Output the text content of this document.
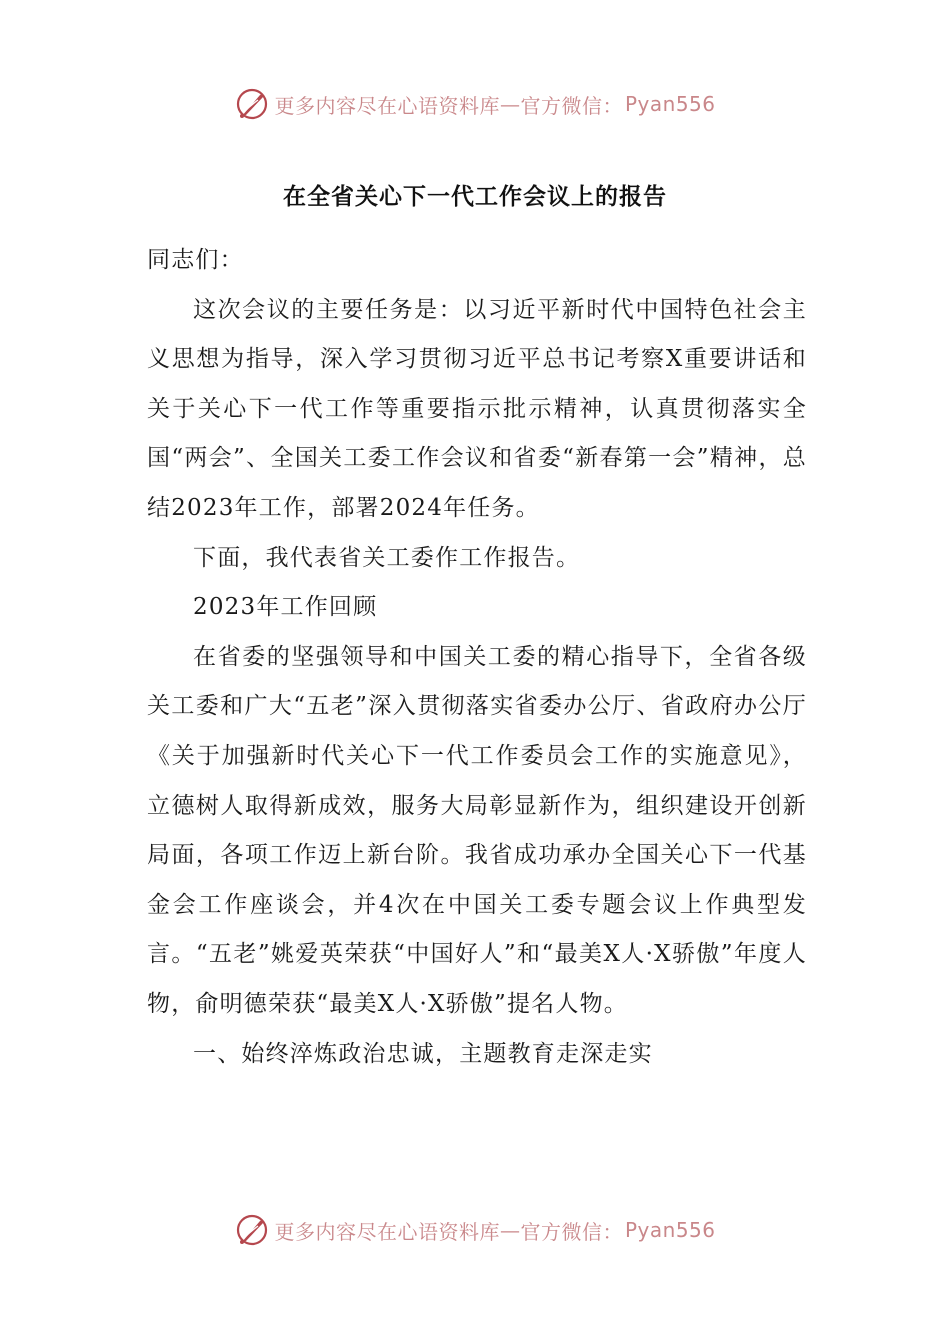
更多内容尽在心语资料库 — 官方微信： Pyan556
在全省关心下一代工作会议上的报告

同志们：

这次会议的主要任务是：以习近平新时代中国特色社会主义思想为指导，深入学习贯彻习近平总书记考察X重要讲话和关于关心下一代工作等重要指示批示精神，认真贯彻落实全国“两会”、全国关工委工作会议和省委“新春第一会”精神，总结2023年工作，部署2024年任务。

下面，我代表省关工委作工作报告。

2023年工作回顾

在省委的坚强领导和中国关工委的精心指导下，全省各级关工委和广大“五老”深入贯彻落实省委办公厅、省政府办公厅《关于加强新时代关心下一代工作委员会工作的实施意见》，立德树人取得新成效，服务大局彰显新作为，组织建设开创新局面，各项工作迈上新台阶。我省成功承办全国关心下一代基金会工作座谈会，并4次在中国关工委专题会议上作典型发言。“五老”姚爱英荣获“中国好人”和“最美X人·X骄傲”年度人物，俞明德荣获“最美X人·X骄傲”提名人物。

一、始终淬炼政治忠诚，主题教育走深走实

更多内容尽在心语资料库 — 官方微信： Pyan556
